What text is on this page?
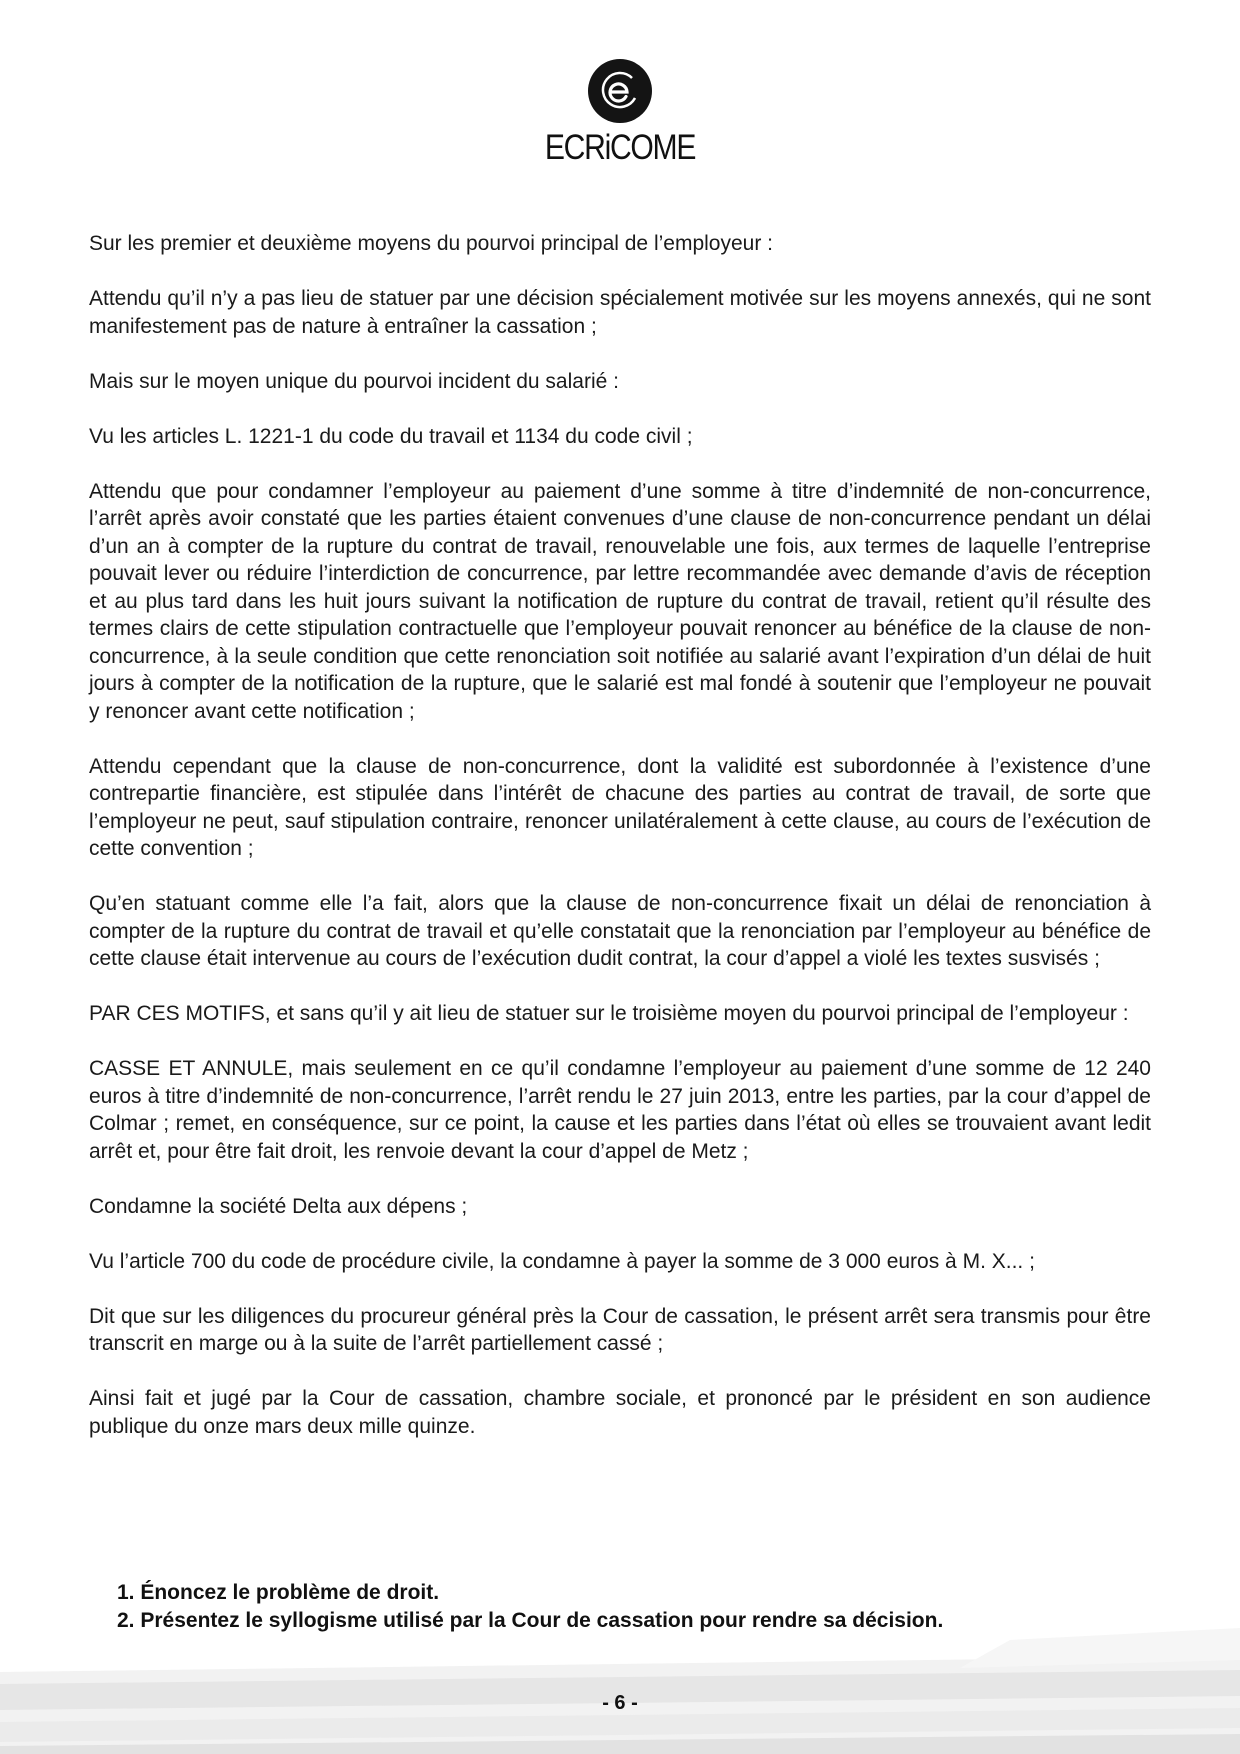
ECRiCOME

Sur les premier et deuxième moyens du pourvoi principal de l’employeur :

Attendu qu’il n’y a pas lieu de statuer par une décision spécialement motivée sur les moyens annexés, qui ne sont manifestement pas de nature à entraîner la cassation ;

Mais sur le moyen unique du pourvoi incident du salarié :

Vu les articles L. 1221-1 du code du travail et 1134 du code civil ;

Attendu que pour condamner l’employeur au paiement d’une somme à titre d’indemnité de non-concurrence, l’arrêt après avoir constaté que les parties étaient convenues d’une clause de non-concurrence pendant un délai d’un an à compter de la rupture du contrat de travail, renouvelable une fois, aux termes de laquelle l’entreprise pouvait lever ou réduire l’interdiction de concurrence, par lettre recommandée avec demande d’avis de réception et au plus tard dans les huit jours suivant la notification de rupture du contrat de travail, retient qu’il résulte des termes clairs de cette stipulation contractuelle que l’employeur pouvait renoncer au bénéfice de la clause de non-concurrence, à la seule condition que cette renonciation soit notifiée au salarié avant l’expiration d’un délai de huit jours à compter de la notification de la rupture, que le salarié est mal fondé à soutenir que l’employeur ne pouvait y renoncer avant cette notification ;

Attendu cependant que la clause de non-concurrence, dont la validité est subordonnée à l’existence d’une contrepartie financière, est stipulée dans l’intérêt de chacune des parties au contrat de travail, de sorte que l’employeur ne peut, sauf stipulation contraire, renoncer unilatéralement à cette clause, au cours de l’exécution de cette convention ;

Qu’en statuant comme elle l’a fait, alors que la clause de non-concurrence fixait un délai de renonciation à compter de la rupture du contrat de travail et qu’elle constatait que la renonciation par l’employeur au bénéfice de cette clause était intervenue au cours de l’exécution dudit contrat, la cour d’appel a violé les textes susvisés ;

PAR CES MOTIFS, et sans qu’il y ait lieu de statuer sur le troisième moyen du pourvoi principal de l’employeur :

CASSE ET ANNULE, mais seulement en ce qu’il condamne l’employeur au paiement d’une somme de 12 240 euros à titre d’indemnité de non-concurrence, l’arrêt rendu le 27 juin 2013, entre les parties, par la cour d’appel de Colmar ; remet, en conséquence, sur ce point, la cause et les parties dans l’état où elles se trouvaient avant ledit arrêt et, pour être fait droit, les renvoie devant la cour d’appel de Metz ;

Condamne la société Delta aux dépens ;

Vu l’article 700 du code de procédure civile, la condamne à payer la somme de 3 000 euros à M. X... ;

Dit que sur les diligences du procureur général près la Cour de cassation, le présent arrêt sera transmis pour être transcrit en marge ou à la suite de l’arrêt partiellement cassé ;

Ainsi fait et jugé par la Cour de cassation, chambre sociale, et prononcé par le président en son audience publique du onze mars deux mille quinze.

1. Énoncez le problème de droit.
2. Présentez le syllogisme utilisé par la Cour de cassation pour rendre sa décision.
- 6 -
